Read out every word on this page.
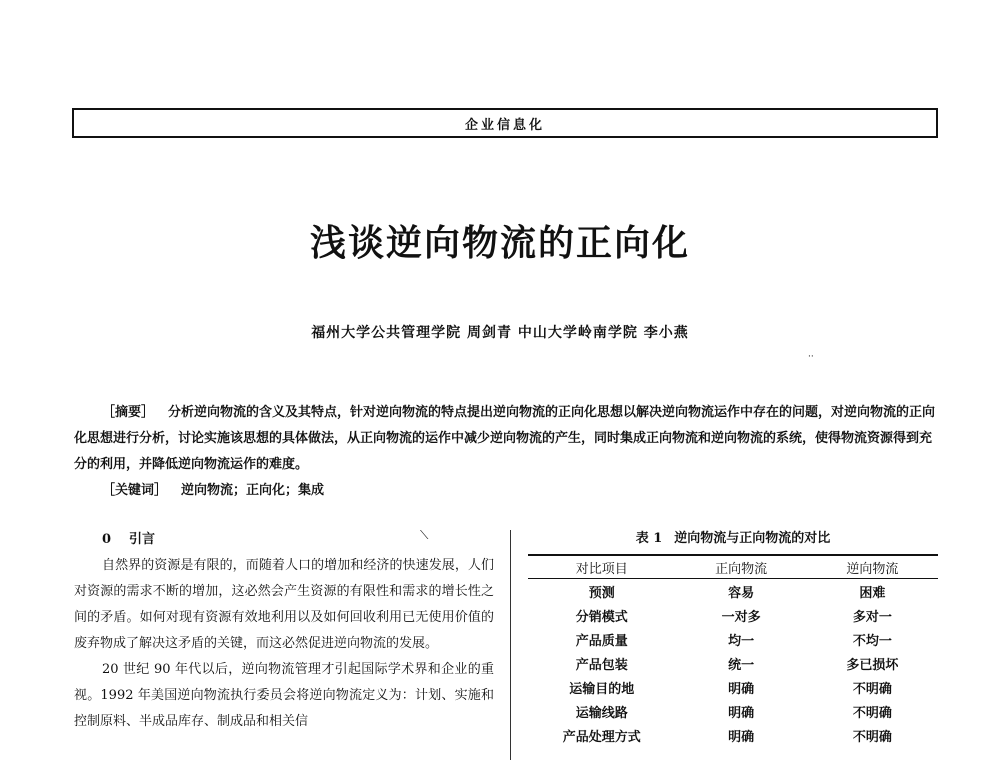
企业信息化
浅谈逆向物流的正向化
福州大学公共管理学院 周剑青 中山大学岭南学院 李小燕

［摘要］ 分析逆向物流的含义及其特点，针对逆向物流的特点提出逆向物流的正向化思想以解决逆向物流运作中存在的问题，对逆向物流的正向化思想进行分析，讨论实施该思想的具体做法，从正向物流的运作中减少逆向物流的产生，同时集成正向物流和逆向物流的系统，使得物流资源得到充分的利用，并降低逆向物流运作的难度。

［关键词］ 逆向物流；正向化；集成

0 引言

自然界的资源是有限的，而随着人口的增加和经济的快速发展，人们对资源的需求不断的增加，这必然会产生资源的有限性和需求的增长性之间的矛盾。如何对现有资源有效地利用以及如何回收利用已无使用价值的废弃物成了解决这矛盾的关键，而这必然促进逆向物流的发展。

20 世纪 90 年代以后，逆向物流管理才引起国际学术界和企业的重视。1992 年美国逆向物流执行委员会将逆向物流定义为：计划、实施和控制原料、半成品库存、制成品和相关信

表 1 逆向物流与正向物流的对比
对比项目	正向物流	逆向物流
预测	容易	困难
分销模式	一对多	多对一
产品质量	均一	不均一
产品包装	统一	多已损坏
运输目的地	明确	不明确
运输线路	明确	不明确
产品处理方式	明确	不明确
⟍
··
